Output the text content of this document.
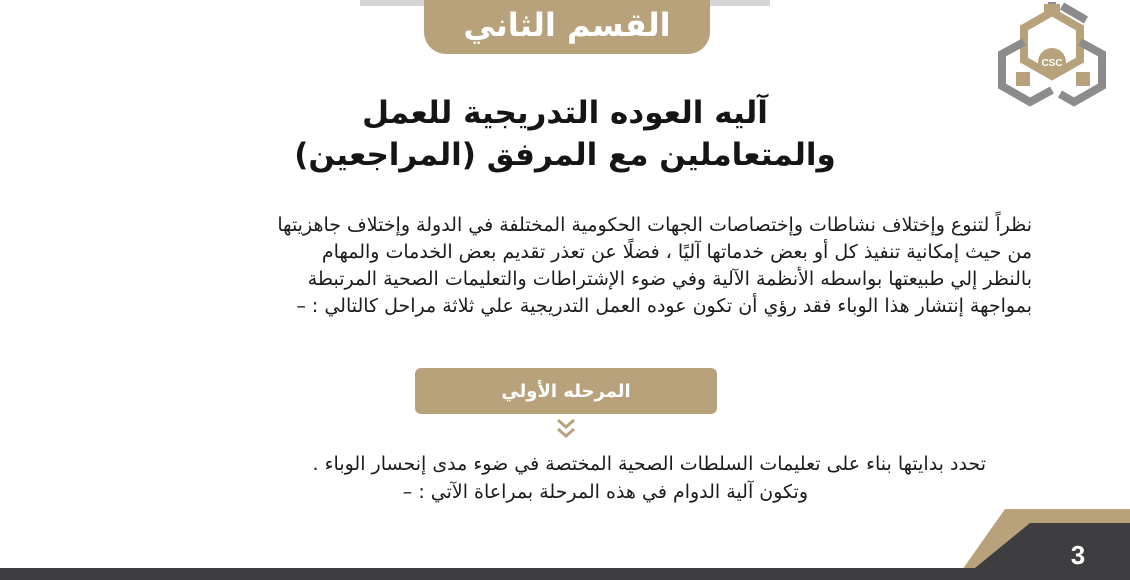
القسم الثاني
CSC
آليه العوده التدريجية للعمل
والمتعاملين مع المرفق (المراجعين)
نظراً لتنوع وإختلاف نشاطات وإختصاصات الجهات الحكومية المختلفة في الدولة وإختلاف جاهزيتها
من حيث إمكانية تنفيذ كل أو بعض خدماتها آليًا ، فضلًا عن تعذر تقديم بعض الخدمات والمهام
بالنظر إلي طبيعتها بواسطه الأنظمة الآلية وفي ضوء الإشتراطات والتعليمات الصحية المرتبطة
بمواجهة إنتشار هذا الوباء فقد رؤي أن تكون عوده العمل التدريجية علي ثلاثة مراحل كالتالي : –
المرحله الأولي
تحدد بدايتها بناء على تعليمات السلطات الصحية المختصة في ضوء مدى إنحسار الوباء .
وتكون آلية الدوام في هذه المرحلة بمراعاة الآتي : –
3
